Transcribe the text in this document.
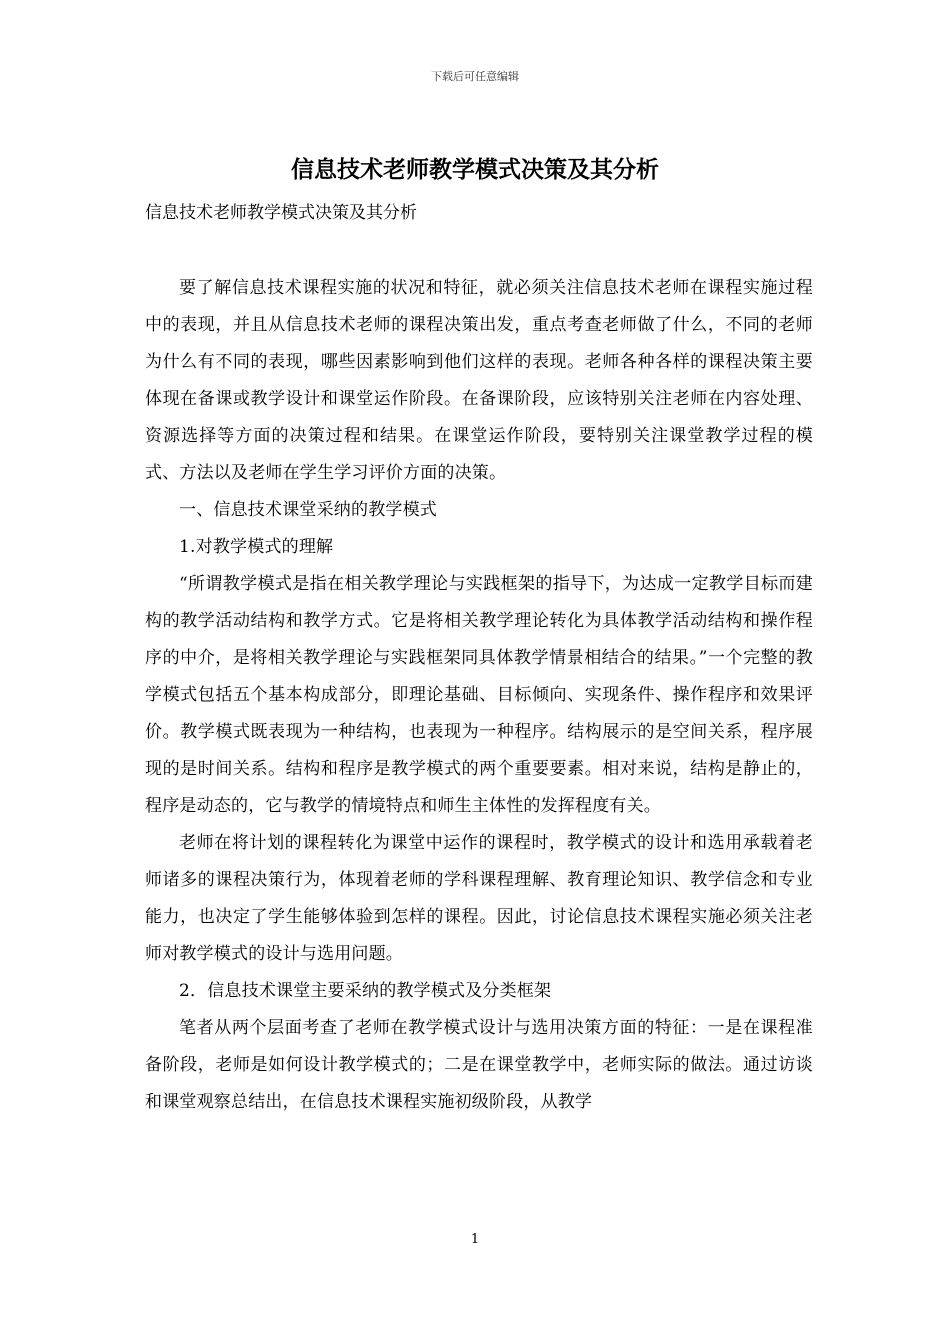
下载后可任意编辑
信息技术老师教学模式决策及其分析
信息技术老师教学模式决策及其分析

要了解信息技术课程实施的状况和特征，就必须关注信息技术老师在课程实施过程中的表现，并且从信息技术老师的课程决策出发，重点考查老师做了什么，不同的老师为什么有不同的表现，哪些因素影响到他们这样的表现。老师各种各样的课程决策主要体现在备课或教学设计和课堂运作阶段。在备课阶段，应该特别关注老师在内容处理、资源选择等方面的决策过程和结果。在课堂运作阶段，要特别关注课堂教学过程的模式、方法以及老师在学生学习评价方面的决策。

一、信息技术课堂采纳的教学模式

1.对教学模式的理解

“所谓教学模式是指在相关教学理论与实践框架的指导下，为达成一定教学目标而建构的教学活动结构和教学方式。它是将相关教学理论转化为具体教学活动结构和操作程序的中介，是将相关教学理论与实践框架同具体教学情景相结合的结果。”一个完整的教学模式包括五个基本构成部分，即理论基础、目标倾向、实现条件、操作程序和效果评价。教学模式既表现为一种结构，也表现为一种程序。结构展示的是空间关系，程序展现的是时间关系。结构和程序是教学模式的两个重要要素。相对来说，结构是静止的，程序是动态的，它与教学的情境特点和师生主体性的发挥程度有关。

老师在将计划的课程转化为课堂中运作的课程时，教学模式的设计和选用承载着老师诸多的课程决策行为，体现着老师的学科课程理解、教育理论知识、教学信念和专业能力，也决定了学生能够体验到怎样的课程。因此，讨论信息技术课程实施必须关注老师对教学模式的设计与选用问题。

2．信息技术课堂主要采纳的教学模式及分类框架

笔者从两个层面考查了老师在教学模式设计与选用决策方面的特征：一是在课程准备阶段，老师是如何设计教学模式的；二是在课堂教学中，老师实际的做法。通过访谈和课堂观察总结出，在信息技术课程实施初级阶段，从教学

1
